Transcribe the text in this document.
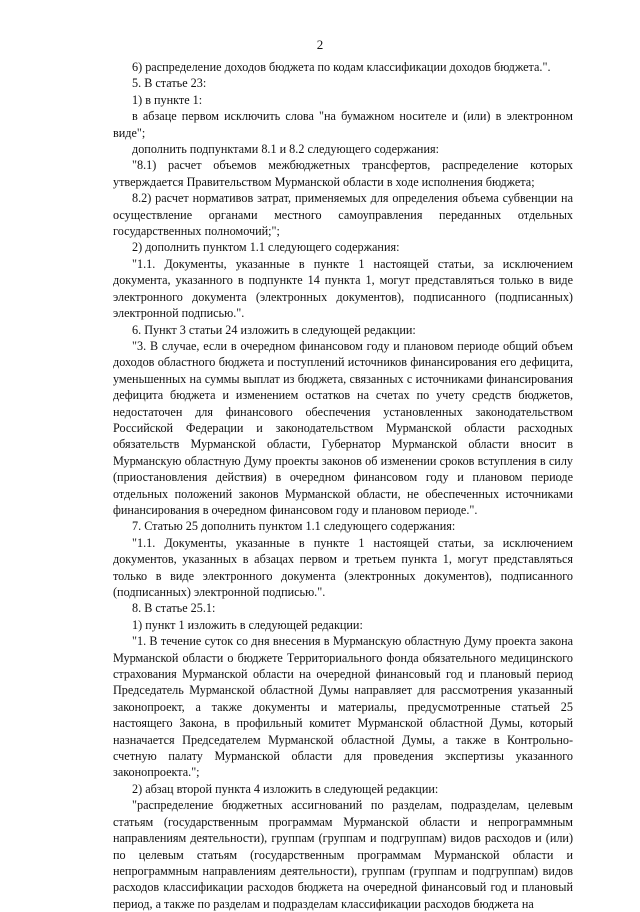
2

6) распределение доходов бюджета по кодам классификации доходов бюджета.".

5. В статье 23:

1) в пункте 1:

в абзаце первом исключить слова "на бумажном носителе и (или) в электронном виде";

дополнить подпунктами 8.1 и 8.2 следующего содержания:

"8.1) расчет объемов межбюджетных трансфертов, распределение которых утверждается Правительством Мурманской области в ходе исполнения бюджета;

8.2) расчет нормативов затрат, применяемых для определения объема субвенции на осуществление органами местного самоуправления переданных отдельных государственных полномочий;";

2) дополнить пунктом 1.1 следующего содержания:

"1.1. Документы, указанные в пункте 1 настоящей статьи, за исключением документа, указанного в подпункте 14 пункта 1, могут представляться только в виде электронного документа (электронных документов), подписанного (подписанных) электронной подписью.".

6. Пункт 3 статьи 24 изложить в следующей редакции:

"3. В случае, если в очередном финансовом году и плановом периоде общий объем доходов областного бюджета и поступлений источников финансирования его дефицита, уменьшенных на суммы выплат из бюджета, связанных с источниками финансирования дефицита бюджета и изменением остатков на счетах по учету средств бюджетов, недостаточен для финансового обеспечения установленных законодательством Российской Федерации и законодательством Мурманской области расходных обязательств Мурманской области, Губернатор Мурманской области вносит в Мурманскую областную Думу проекты законов об изменении сроков вступления в силу (приостановления действия) в очередном финансовом году и плановом периоде отдельных положений законов Мурманской области, не обеспеченных источниками финансирования в очередном финансовом году и плановом периоде.".

7. Статью 25 дополнить пунктом 1.1 следующего содержания:

"1.1. Документы, указанные в пункте 1 настоящей статьи, за исключением документов, указанных в абзацах первом и третьем пункта 1, могут представляться только в виде электронного документа (электронных документов), подписанного (подписанных) электронной подписью.".

8. В статье 25.1:

1) пункт 1 изложить в следующей редакции:

"1. В течение суток со дня внесения в Мурманскую областную Думу проекта закона Мурманской области о бюджете Территориального фонда обязательного медицинского страхования Мурманской области на очередной финансовый год и плановый период Председатель Мурманской областной Думы направляет для рассмотрения указанный законопроект, а также документы и материалы, предусмотренные статьей 25 настоящего Закона, в профильный комитет Мурманской областной Думы, который назначается Председателем Мурманской областной Думы, а также в Контрольно-счетную палату Мурманской области для проведения экспертизы указанного законопроекта.";

2) абзац второй пункта 4 изложить в следующей редакции:

"распределение бюджетных ассигнований по разделам, подразделам, целевым статьям (государственным программам Мурманской области и непрограммным направлениям деятельности), группам (группам и подгруппам) видов расходов и (или) по целевым статьям (государственным программам Мурманской области и непрограммным направлениям деятельности), группам (группам и подгруппам) видов расходов классификации расходов бюджета на очередной финансовый год и плановый период, а также по разделам и подразделам классификации расходов бюджета на
